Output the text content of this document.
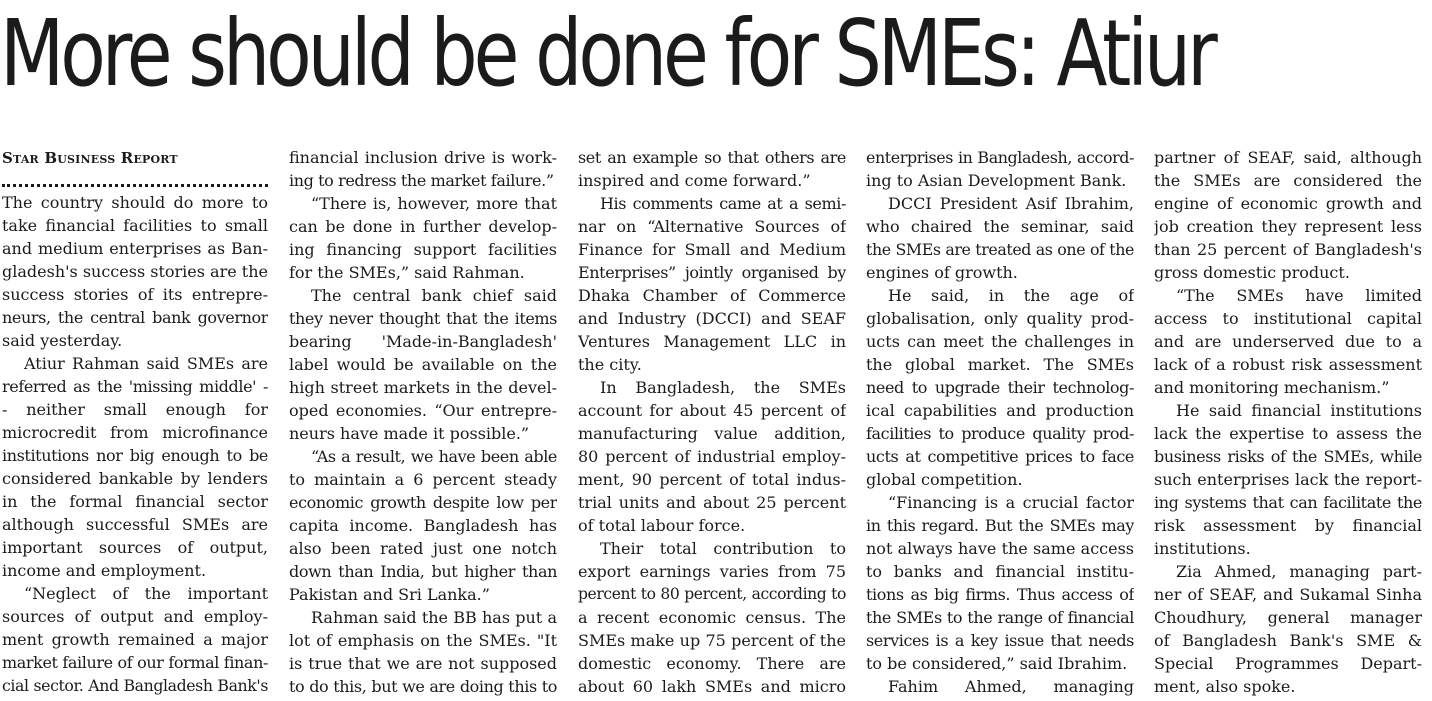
More should be done for SMEs: Atiur
Star Business Report
The country should do more to
take financial facilities to small
and medium enterprises as Ban-
gladesh's success stories are the
success stories of its entrepre-
neurs, the central bank governor
said yesterday.
Atiur Rahman said SMEs are
referred as the 'missing middle' -
- neither small enough for
microcredit from microfinance
institutions nor big enough to be
considered bankable by lenders
in the formal financial sector
although successful SMEs are
important sources of output,
income and employment.
“Neglect of the important
sources of output and employ-
ment growth remained a major
market failure of our formal finan-
cial sector. And Bangladesh Bank's
financial inclusion drive is work-
ing to redress the market failure.”
“There is, however, more that
can be done in further develop-
ing financing support facilities
for the SMEs,” said Rahman.
The central bank chief said
they never thought that the items
bearing 'Made-in-Bangladesh'
label would be available on the
high street markets in the devel-
oped economies. “Our entrepre-
neurs have made it possible.”
“As a result, we have been able
to maintain a 6 percent steady
economic growth despite low per
capita income. Bangladesh has
also been rated just one notch
down than India, but higher than
Pakistan and Sri Lanka.”
Rahman said the BB has put a
lot of emphasis on the SMEs. "It
is true that we are not supposed
to do this, but we are doing this to
set an example so that others are
inspired and come forward.”
His comments came at a semi-
nar on “Alternative Sources of
Finance for Small and Medium
Enterprises” jointly organised by
Dhaka Chamber of Commerce
and Industry (DCCI) and SEAF
Ventures Management LLC in
the city.
In Bangladesh, the SMEs
account for about 45 percent of
manufacturing value addition,
80 percent of industrial employ-
ment, 90 percent of total indus-
trial units and about 25 percent
of total labour force.
Their total contribution to
export earnings varies from 75
percent to 80 percent, according to
a recent economic census. The
SMEs make up 75 percent of the
domestic economy. There are
about 60 lakh SMEs and micro
enterprises in Bangladesh, accord-
ing to Asian Development Bank.
DCCI President Asif Ibrahim,
who chaired the seminar, said
the SMEs are treated as one of the
engines of growth.
He said, in the age of
globalisation, only quality prod-
ucts can meet the challenges in
the global market. The SMEs
need to upgrade their technolog-
ical capabilities and production
facilities to produce quality prod-
ucts at competitive prices to face
global competition.
“Financing is a crucial factor
in this regard. But the SMEs may
not always have the same access
to banks and financial institu-
tions as big firms. Thus access of
the SMEs to the range of financial
services is a key issue that needs
to be considered,” said Ibrahim.
Fahim Ahmed, managing
partner of SEAF, said, although
the SMEs are considered the
engine of economic growth and
job creation they represent less
than 25 percent of Bangladesh's
gross domestic product.
“The SMEs have limited
access to institutional capital
and are underserved due to a
lack of a robust risk assessment
and monitoring mechanism.”
He said financial institutions
lack the expertise to assess the
business risks of the SMEs, while
such enterprises lack the report-
ing systems that can facilitate the
risk assessment by financial
institutions.
Zia Ahmed, managing part-
ner of SEAF, and Sukamal Sinha
Choudhury, general manager
of Bangladesh Bank's SME &
Special Programmes Depart-
ment, also spoke.
